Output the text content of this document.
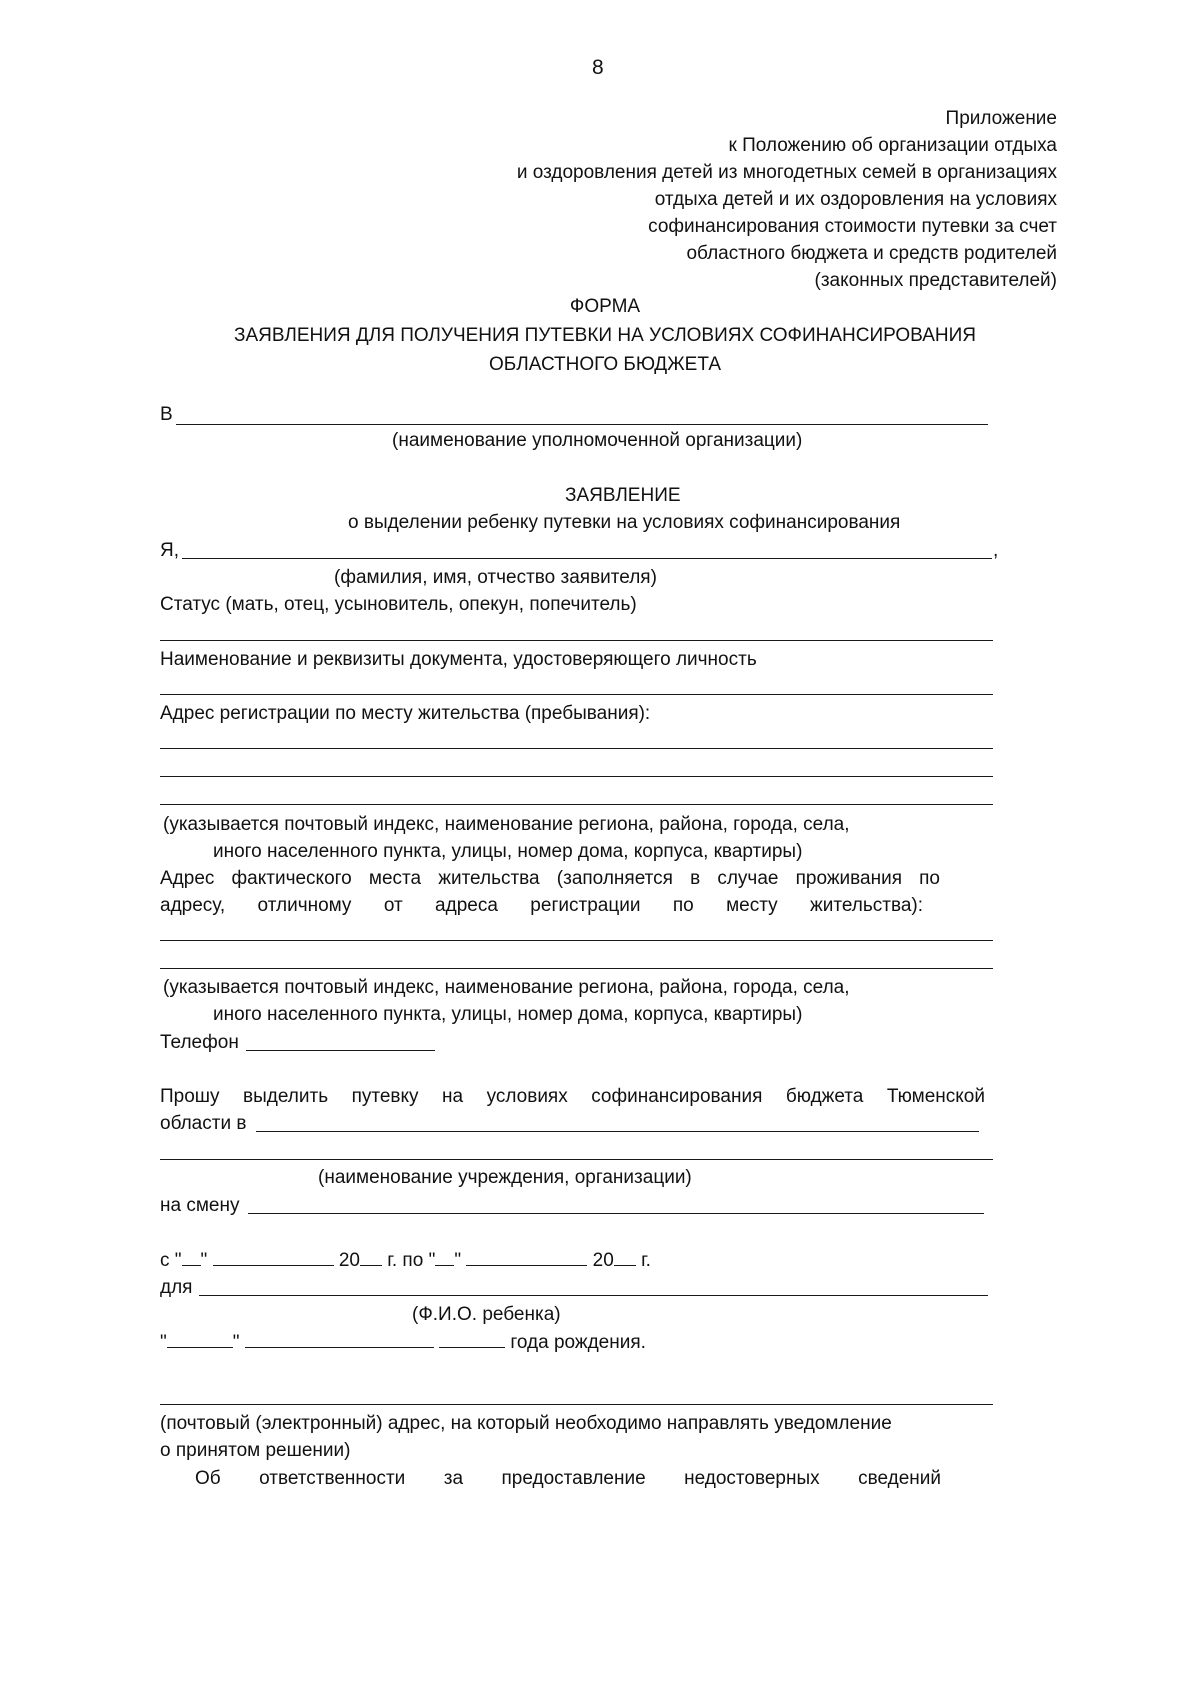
8
Приложение
к Положению об организации отдыха
и оздоровления детей из многодетных семей в организациях
отдыха детей и их оздоровления на условиях
софинансирования стоимости путевки за счет
областного бюджета и средств родителей
(законных представителей)
ФОРМА
ЗАЯВЛЕНИЯ ДЛЯ ПОЛУЧЕНИЯ ПУТЕВКИ НА УСЛОВИЯХ СОФИНАНСИРОВАНИЯ
ОБЛАСТНОГО БЮДЖЕТА
В
(наименование уполномоченной организации)
ЗАЯВЛЕНИЕ
о выделении ребенку путевки на условиях софинансирования
Я,	,
(фамилия, имя, отчество заявителя)
Статус (мать, отец, усыновитель, опекун, попечитель)
Наименование и реквизиты документа, удостоверяющего личность
Адрес регистрации по месту жительства (пребывания):
(указывается почтовый индекс, наименование региона, района, города, села,
иного населенного пункта, улицы, номер дома, корпуса, квартиры)
Адрес фактического места жительства (заполняется в случае проживания по
адресу, отличному от адреса регистрации по месту жительства):
(указывается почтовый индекс, наименование региона, района, города, села,
иного населенного пункта, улицы, номер дома, корпуса, квартиры)
Телефон
Прошу выделить путевку на условиях софинансирования бюджета Тюменской
области в
(наименование учреждения, организации)
на смену
с " "	20 г. по " "	20 г.
для
(Ф.И.О. ребенка)
"	"	года рождения.
(почтовый (электронный) адрес, на который необходимо направлять уведомление
о принятом решении)
Об ответственности за предоставление недостоверных сведений
